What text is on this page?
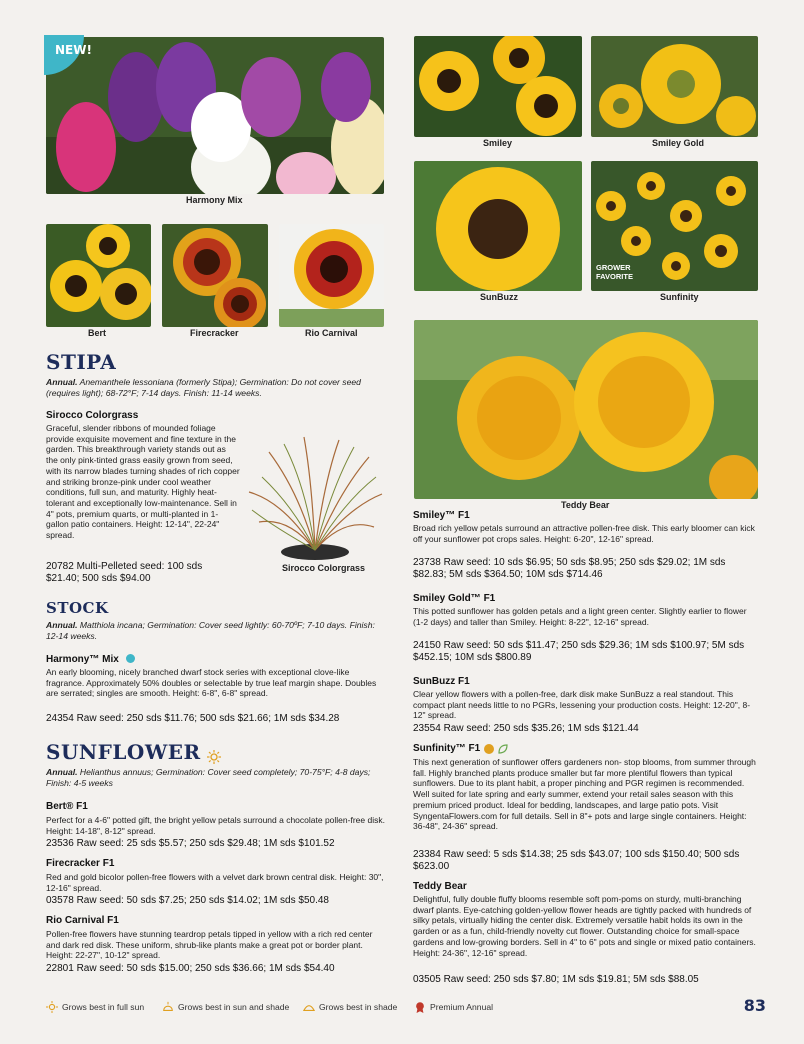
NEW!
Harmony Mix
Bert	Firecracker	Rio Carnival
Smiley	Smiley Gold
GROWER
FAVORITE
SunBuzz	Sunfinity
Teddy Bear
STIPA
Annual. Anemanthele lessoniana (formerly Stipa); Germination: Do not cover seed (requires light); 68-72°F; 7-14 days. Finish: 11-14 weeks.
Sirocco Colorgrass
Graceful, slender ribbons of mounded foliage provide exquisite movement and fine texture in the garden. This breakthrough variety stands out as the only pink-tinted grass easily grown from seed, with its narrow blades turning shades of rich copper and striking bronze-pink under cool weather conditions, full sun, and maturity. Highly heat-tolerant and exceptionally low-maintenance. Sell in 4" pots, premium quarts, or multi-planted in 1-gallon patio containers. Height: 12-14", 22-24" spread.
20782 Multi-Pelleted seed: 100 sds
$21.40; 500 sds $94.00
Sirocco Colorgrass
STOCK
Annual. Matthiola incana; Germination: Cover seed lightly: 60-70ºF; 7-10 days. Finish: 12-14 weeks.
Harmony™ Mix
An early blooming, nicely branched dwarf stock series with exceptional clove-like fragrance. Approximately 50% doubles or selectable by true leaf margin shape. Doubles are serrated; singles are smooth. Height: 6-8", 6-8" spread.
24354 Raw seed: 250 sds $11.76; 500 sds $21.66; 1M sds $34.28
SUNFLOWER
Annual. Helianthus annuus; Germination: Cover seed completely; 70-75°F; 4-8 days; Finish: 4-5 weeks
Bert® F1
Perfect for a 4-6" potted gift, the bright yellow petals surround a chocolate pollen-free disk. Height: 14-18", 8-12" spread.
23536 Raw seed: 25 sds $5.57; 250 sds $29.48; 1M sds $101.52
Firecracker F1
Red and gold bicolor pollen-free flowers with a velvet dark brown central disk. Height: 30", 12-16" spread.
03578 Raw seed: 50 sds $7.25; 250 sds $14.02; 1M sds $50.48
Rio Carnival F1
Pollen-free flowers have stunning teardrop petals tipped in yellow with a rich red center and dark red disk. These uniform, shrub-like plants make a great pot or border plant. Height: 22-27", 10-12" spread.
22801 Raw seed: 50 sds $15.00; 250 sds $36.66; 1M sds $54.40
Smiley™ F1
Broad rich yellow petals surround an attractive pollen-free disk. This early bloomer can kick off your sunflower pot crops sales. Height: 6-20", 12-16" spread.
23738 Raw seed: 10 sds $6.95; 50 sds $8.95; 250 sds $29.02; 1M sds $82.83; 5M sds $364.50; 10M sds $714.46
Smiley Gold™ F1
This potted sunflower has golden petals and a light green center. Slightly earlier to flower (1-2 days) and taller than Smiley. Height: 8-22", 12-16" spread.
24150 Raw seed: 50 sds $11.47; 250 sds $29.36; 1M sds $100.97; 5M sds $452.15; 10M sds $800.89
SunBuzz F1
Clear yellow flowers with a pollen-free, dark disk make SunBuzz a real standout. This compact plant needs little to no PGRs, lessening your production costs. Height: 12-20", 8-12" spread.
23554 Raw seed: 250 sds $35.26; 1M sds $121.44
Sunfinity™ F1
This next generation of sunflower offers gardeners non- stop blooms, from summer through fall. Highly branched plants produce smaller but far more plentiful flowers than typical sunflowers. Due to its plant habit, a proper pinching and PGR regimen is recommended. Well suited for late spring and early summer, extend your retail sales season with this premium priced product. Ideal for bedding, landscapes, and large patio pots. Visit SyngentaFlowers.com for full details. Sell in 8"+ pots and large single containers. Height: 36-48", 24-36" spread.
23384 Raw seed: 5 sds $14.38; 25 sds $43.07; 100 sds $150.40; 500 sds $623.00
Teddy Bear
Delightful, fully double fluffy blooms resemble soft pom-poms on sturdy, multi-branching dwarf plants. Eye-catching golden-yellow flower heads are tightly packed with hundreds of silky petals, virtually hiding the center disk. Extremely versatile habit holds its own in the garden or as a fun, child-friendly novelty cut flower. Outstanding choice for small-space gardens and low-growing borders. Sell in 4" to 6" pots and single or mixed patio containers. Height: 24-36", 12-16" spread.
03505 Raw seed: 250 sds $7.80; 1M sds $19.81; 5M sds $88.05
Grows best in full sun	Grows best in sun and shade	Grows best in shade	Premium Annual	83
